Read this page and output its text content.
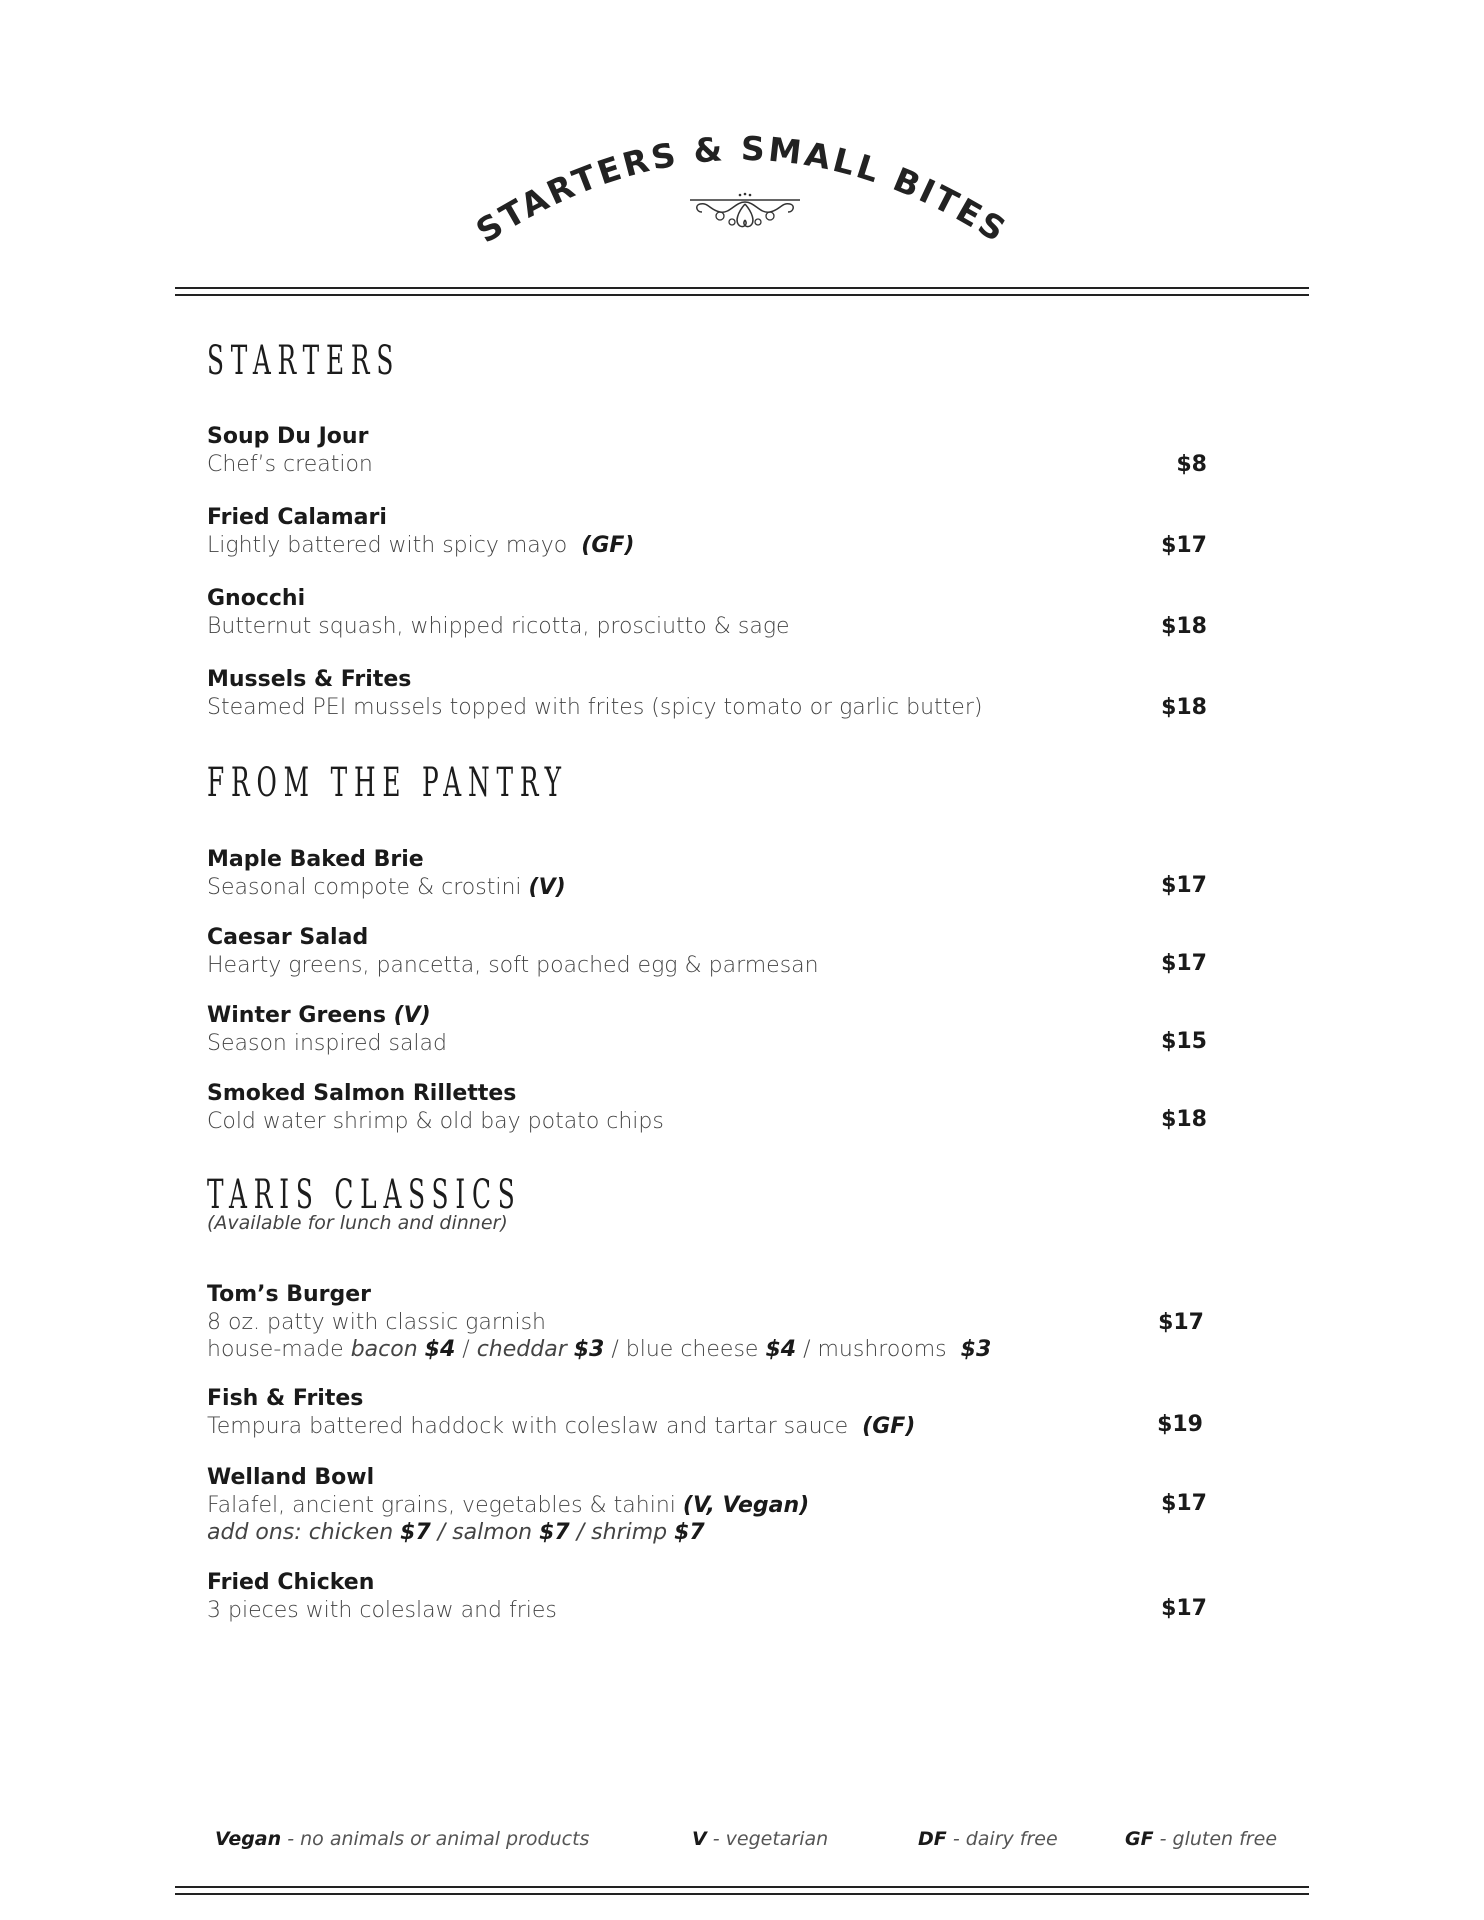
STARTERS & SMALL BITES
STARTERS
Soup Du Jour
Chef’s creation	$8
Fried Calamari
Lightly battered with spicy mayo (GF)	$17
Gnocchi
Butternut squash, whipped ricotta, prosciutto & sage	$18
Mussels & Frites
Steamed PEI mussels topped with frites (spicy tomato or garlic butter)	$18
FROM THE PANTRY
Maple Baked Brie
Seasonal compote & crostini (V)	$17
Caesar Salad
Hearty greens, pancetta, soft poached egg & parmesan	$17
Winter Greens (V)
Season inspired salad	$15
Smoked Salmon Rillettes
Cold water shrimp & old bay potato chips	$18
TARIS CLASSICS
(Available for lunch and dinner)
Tom’s Burger
8 oz. patty with classic garnish
house-made bacon $4 / cheddar $3 / blue cheese $4 / mushrooms $3
$17
Fish & Frites
Tempura battered haddock with coleslaw and tartar sauce (GF)	$19
Welland Bowl
Falafel, ancient grains, vegetables & tahini (V, Vegan)
add ons: chicken $7 / salmon $7 / shrimp $7
$17
Fried Chicken
3 pieces with coleslaw and fries	$17
Vegan - no animals or animal products	V - vegetarian	DF - dairy free	GF - gluten free
